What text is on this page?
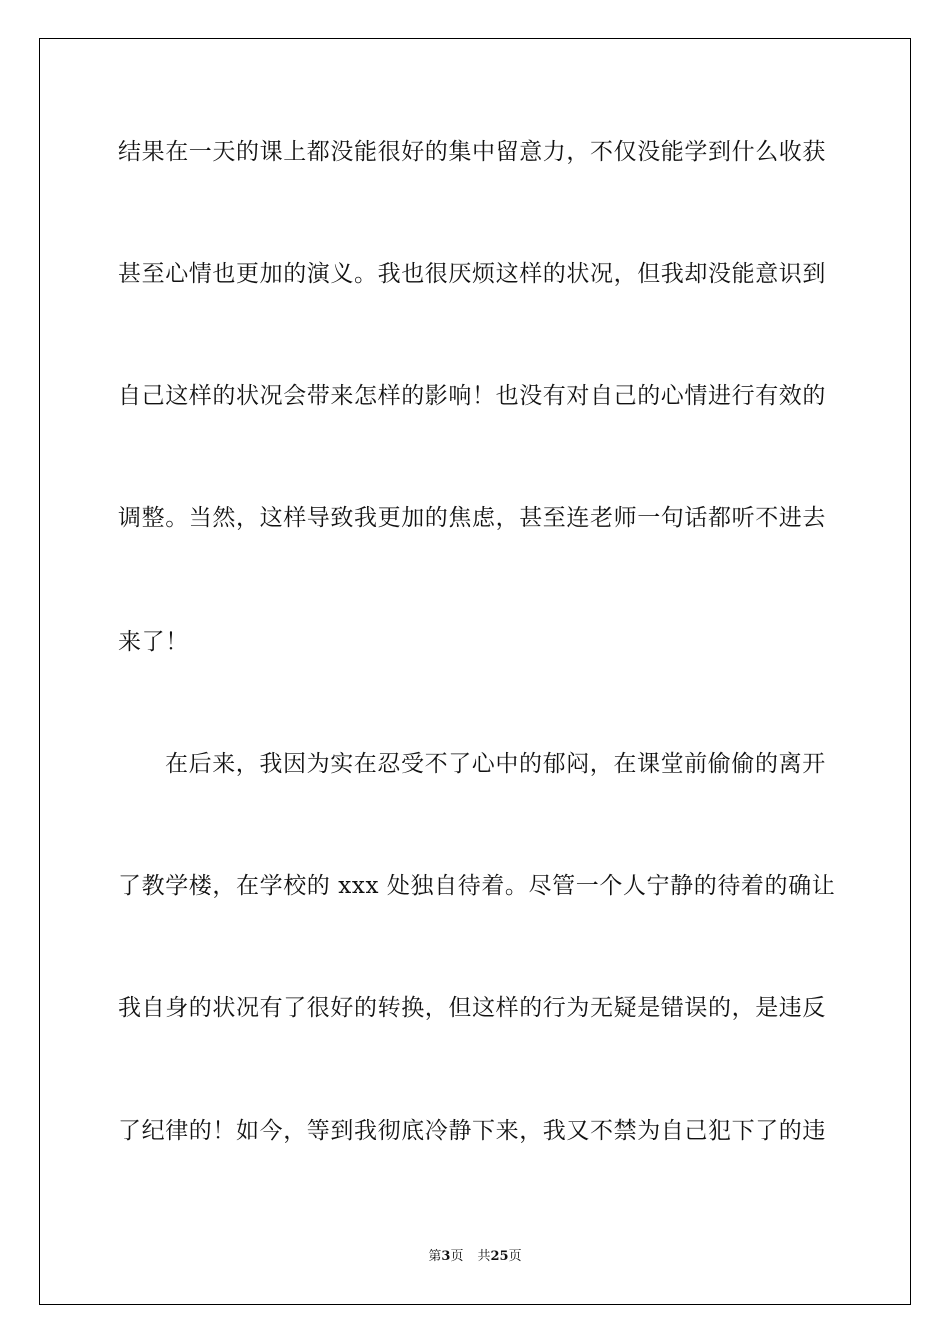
结果在一天的课上都没能很好的集中留意力，不仅没能学到什么收获
甚至心情也更加的演义。我也很厌烦这样的状况，但我却没能意识到
自己这样的状况会带来怎样的影响！也没有对自己的心情进行有效的
调整。当然，这样导致我更加的焦虑，甚至连老师一句话都听不进去
来了！
在后来，我因为实在忍受不了心中的郁闷，在课堂前偷偷的离开
了教学楼，在学校的 xxx 处独自待着。尽管一个人宁静的待着的确让
我自身的状况有了很好的转换，但这样的行为无疑是错误的，是违反
了纪律的！如今，等到我彻底冷静下来，我又不禁为自己犯下了的违
第3页 共25页
